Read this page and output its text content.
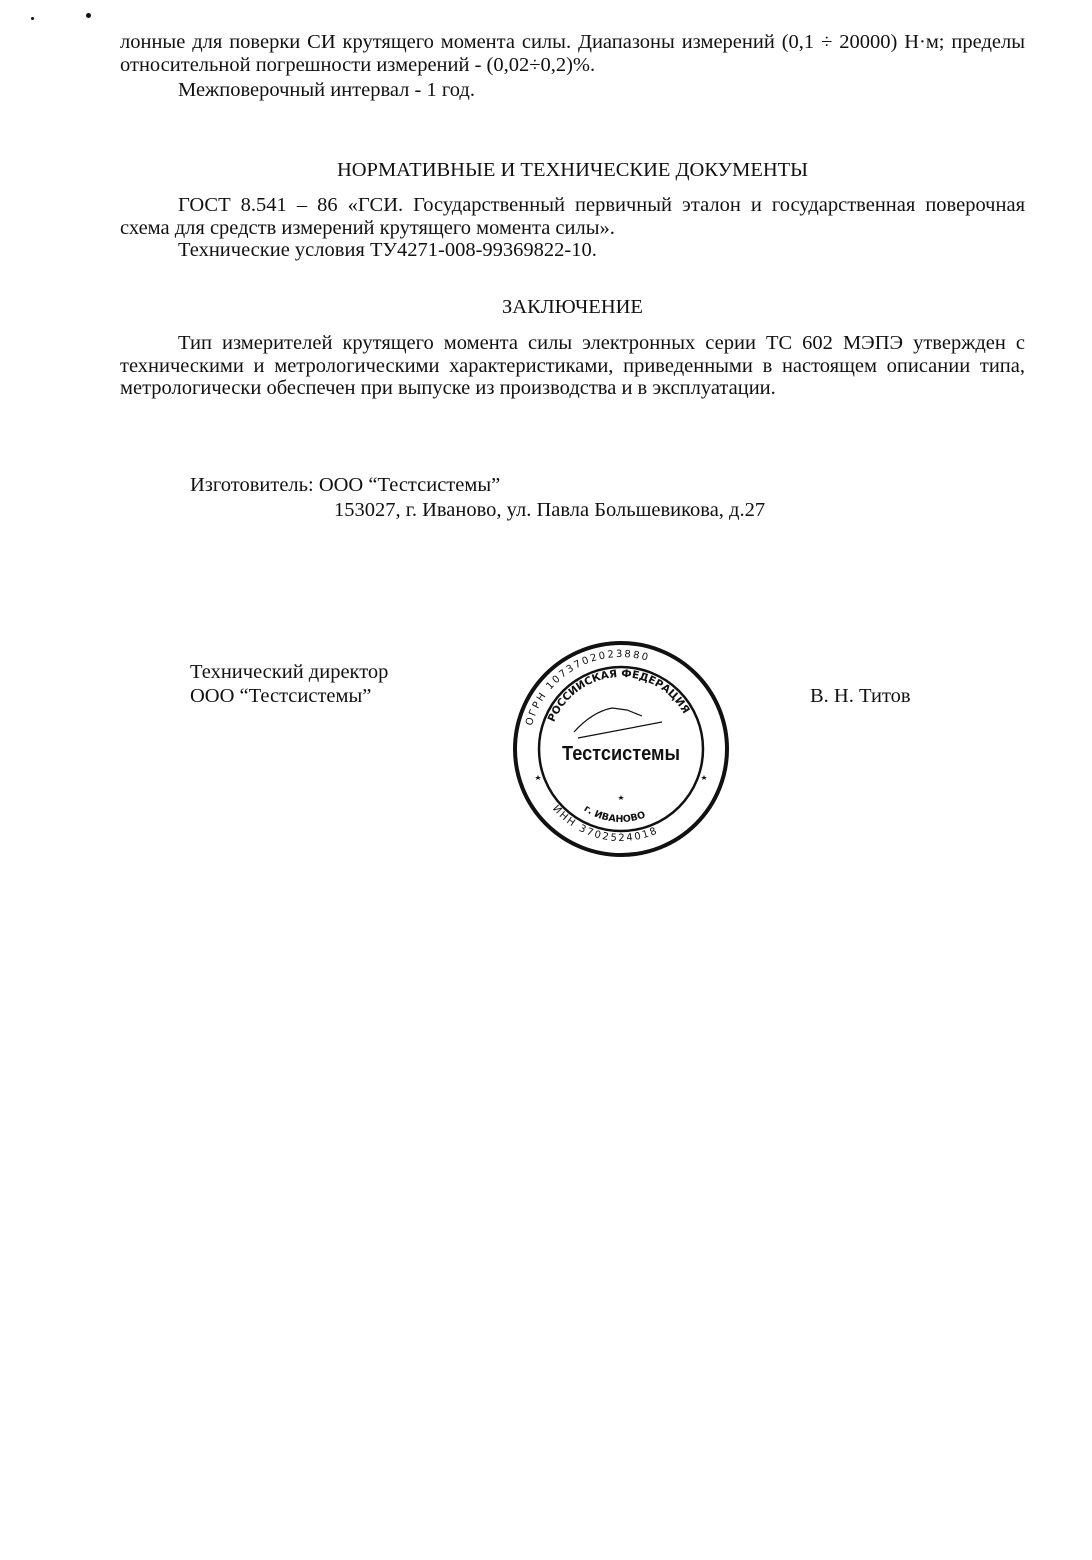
лонные для поверки СИ крутящего момента силы. Диапазоны измерений (0,1 ÷ 20000) Н·м; пределы относительной погрешности измерений - (0,02÷0,2)%.

Межповерочный интервал - 1 год.

НОРМАТИВНЫЕ И ТЕХНИЧЕСКИЕ ДОКУМЕНТЫ

ГОСТ 8.541 – 86 «ГСИ. Государственный первичный эталон и государственная поверочная схема для средств измерений крутящего момента силы».

Технические условия ТУ4271-008-99369822-10.

ЗАКЛЮЧЕНИЕ

Тип измерителей крутящего момента силы электронных серии ТС 602 МЭПЭ утвержден с техническими и метрологическими характеристиками, приведенными в настоящем описании типа, метрологически обеспечен при выпуске из производства и в эксплуатации.

Изготовитель: ООО “Тестсистемы”
153027, г. Иваново, ул. Павла Большевикова, д.27
Технический директор
ООО “Тестсистемы”	В. Н. Титов
ОГРН 1073702023880
ИНН 3702524018
РОССИЙСКАЯ ФЕДЕРАЦИЯ
г. ИВАНОВО
Тестсистемы
